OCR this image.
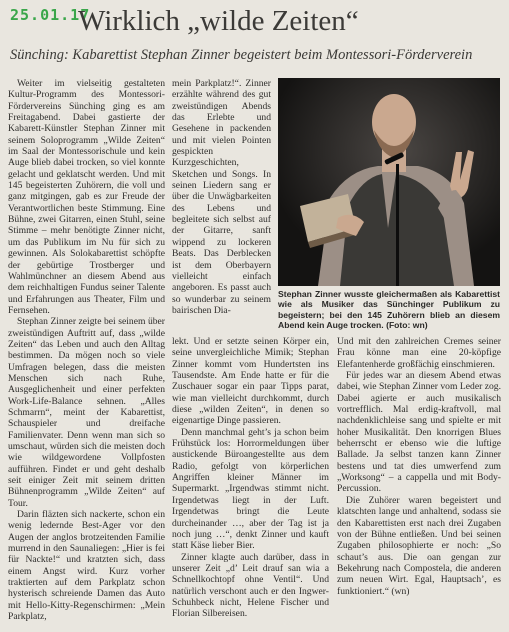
25.01.17
Wirklich „wilde Zeiten“
Sünching: Kabarettist Stephan Zinner begeistert beim Montessori-Förderverein

Weiter im vielseitig gestalteten Kultur-Programm des Montessori-Fördervereins Sünching ging es am Freitagabend. Dabei gastierte der Kabarett-Künstler Stephan Zinner mit seinem Soloprogramm „Wilde Zeiten“ im Saal der Montessorischule und kein Auge blieb dabei trocken, so viel konnte gelacht und geklatscht werden. Und mit 145 begeisterten Zuhörern, die voll und ganz mitgingen, gab es zur Freude der Verantwortlichen beste Stimmung. Eine Bühne, zwei Gitarren, einen Stuhl, seine Stimme – mehr benötigte Zinner nicht, um das Publikum im Nu für sich zu gewinnen. Als Solokabarettist schöpfte der gebürtige Trostberger und Wahlmünchner an diesem Abend aus dem reichhaltigen Fundus seiner Talente und Erfahrungen aus Theater, Film und Fernsehen.

Stephan Zinner zeigte bei seinem über zweistündigen Auftritt auf, dass „wilde Zeiten“ das Leben und auch den Alltag bestimmen. Da mögen noch so viele Umfragen belegen, dass die meisten Menschen sich nach Ruhe, Ausgeglichenheit und einer perfekten Work-Life-Balance sehnen. „Alles Schmarrn“, meint der Kabarettist, Schauspieler und dreifache Familienvater. Denn wenn man sich so umschaut, würden sich die meisten doch wie wildgewordene Vollpfosten aufführen. Findet er und geht deshalb seit einiger Zeit mit seinem dritten Bühnenprogramm „Wilde Zeiten“ auf Tour.

Darin fläzten sich nackerte, schon ein wenig ledernde Best-Ager vor den Augen der anglos brotzeitenden Familie murrend in den Saunaliegen: „Hier is fei für Nackte!“ und kratzten sich, dass einem Angst wird. Kurz vorher traktierten auf dem Parkplatz schon hysterisch schreiende Damen das Auto mit Hello-Kitty-Regenschirmen: „Mein Parkplatz,

mein Parkplatz!“. Zinner erzählte während des gut zweistündigen Abends das Erlebte und Gesehene in packenden und mit vielen Pointen gespickten Kurzgeschichten, Sketchen und Songs. In seinen Liedern sang er über die Unwägbarkeiten des Lebens und begleitete sich selbst auf der Gitarre, sanft wippend zu lockeren Beats. Das Derblecken ist dem Oberbayern vielleicht einfach angeboren. Es passt auch so wunderbar zu seinem bairischen Dia-

Stephan Zinner wusste gleichermaßen als Kabarettist wie als Musiker das Sünchinger Publikum zu begeistern; bei den 145 Zuhörern blieb an diesem Abend kein Auge trocken. (Foto: wn)

lekt. Und er setzte seinen Körper ein, seine unvergleichliche Mimik; Stephan Zinner kommt vom Hundertsten ins Tausendste. Am Ende hatte er für die Zuschauer sogar ein paar Tipps parat, wie man vielleicht durchkommt, durch diese „wilden Zeiten“, in denen so eigenartige Dinge passieren.

Denn manchmal geht’s ja schon beim Frühstück los: Horrormeldungen über austickende Büroangestellte aus dem Radio, gefolgt von körperlichen Angriffen kleiner Männer im Supermarkt. „Irgendwas stimmt nicht. Irgendetwas liegt in der Luft. Irgendetwas bringt die Leute durcheinander …, aber der Tag ist ja noch jung …“, denkt Zinner und kauft statt Käse lieber Bier.

Zinner klagte auch darüber, dass in unserer Zeit „d’ Leit drauf san wia a Schnellkochtopf ohne Ventil“. Und natürlich verschont auch er den Ingwer-Schuhbeck nicht, Helene Fischer und Florian Silbereisen.

Und mit den zahlreichen Cremes seiner Frau könne man eine 20-köpfige Elefantenherde großfächig einschmieren.

Für jedes war an diesem Abend etwas dabei, wie Stephan Zinner vom Leder zog. Dabei agierte er auch musikalisch vortrefflich. Mal erdig-kraftvoll, mal nachdenklichleise sang und spielte er mit hoher Musikalität. Den knorrigen Blues beherrscht er ebenso wie die luftige Ballade. Ja selbst tanzen kann Zinner bestens und tat dies umwerfend zum „Worksong“ – a cappella und mit Body-Percussion.

Die Zuhörer waren begeistert und klatschten lange und anhaltend, sodass sie den Kabarettisten erst nach drei Zugaben von der Bühne entließen. Und bei seinen Zugaben philosophierte er noch: „So schaut’s aus. Die oan gengan zur Bekehrung nach Compostela, die anderen zum neuen Wirt. Egal, Hauptsach’, es funktioniert.“ (wn)
